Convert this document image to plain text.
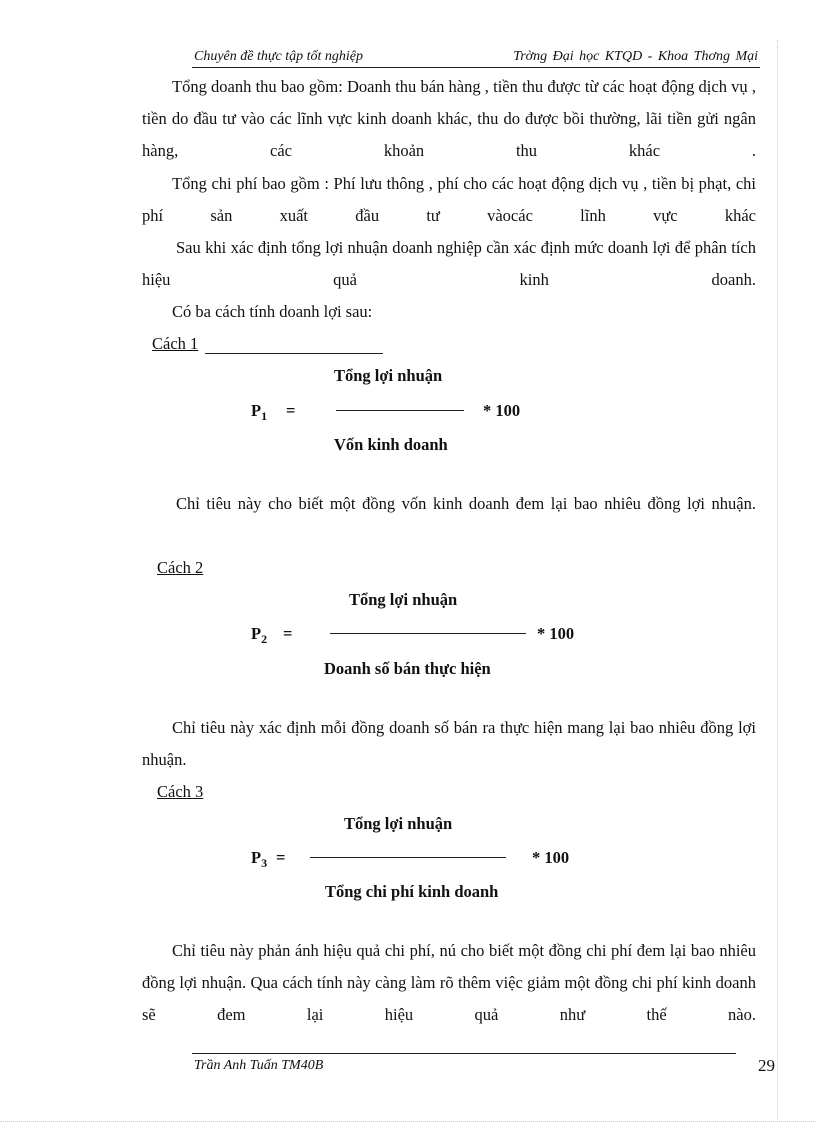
Chuyên đề thực tập tốt nghiệp	Trờng Đại học KTQD - Khoa Thơng Mại

Tổng doanh thu bao gồm: Doanh thu bán hàng , tiền thu được từ các hoạt động dịch vụ , tiền do đầu tư vào các lĩnh vực kinh doanh khác, thu do được bồi thường, lãi tiền gửi ngân hàng, các khoản thu khác .

Tổng chi phí bao gồm : Phí lưu thông , phí cho các hoạt động dịch vụ , tiền bị phạt, chi phí sản xuất đầu tư vàocác lĩnh vực khác

Sau khi xác định tổng lợi nhuận doanh nghiệp cần xác định mức doanh lợi để phân tích hiệu quả kinh doanh.

Có ba cách tính doanh lợi sau:

Cách 1

Tổng lợi nhuận

$P_1$ =	* 100

Vốn kinh doanh

Chỉ tiêu này cho biết một đồng vốn kinh doanh đem lại bao nhiêu đồng lợi nhuận.

Cách 2

Tổng lợi nhuận

$P_2$ =	* 100

Doanh số bán thực hiện

Chỉ tiêu này xác định mỗi đồng doanh số bán ra thực hiện mang lại bao nhiêu đồng lợi nhuận.

Cách 3

Tổng lợi nhuận

$P_3$ =	* 100

Tổng chi phí kinh doanh

Chỉ tiêu này phản ánh hiệu quả chi phí, nú cho biết một đồng chi phí đem lại bao nhiêu đồng lợi nhuận. Qua cách tính này càng làm rõ thêm việc giảm một đồng chi phí kinh doanh sẽ đem lại hiệu quả như thế nào.

Trần Anh Tuấn TM40B	29
